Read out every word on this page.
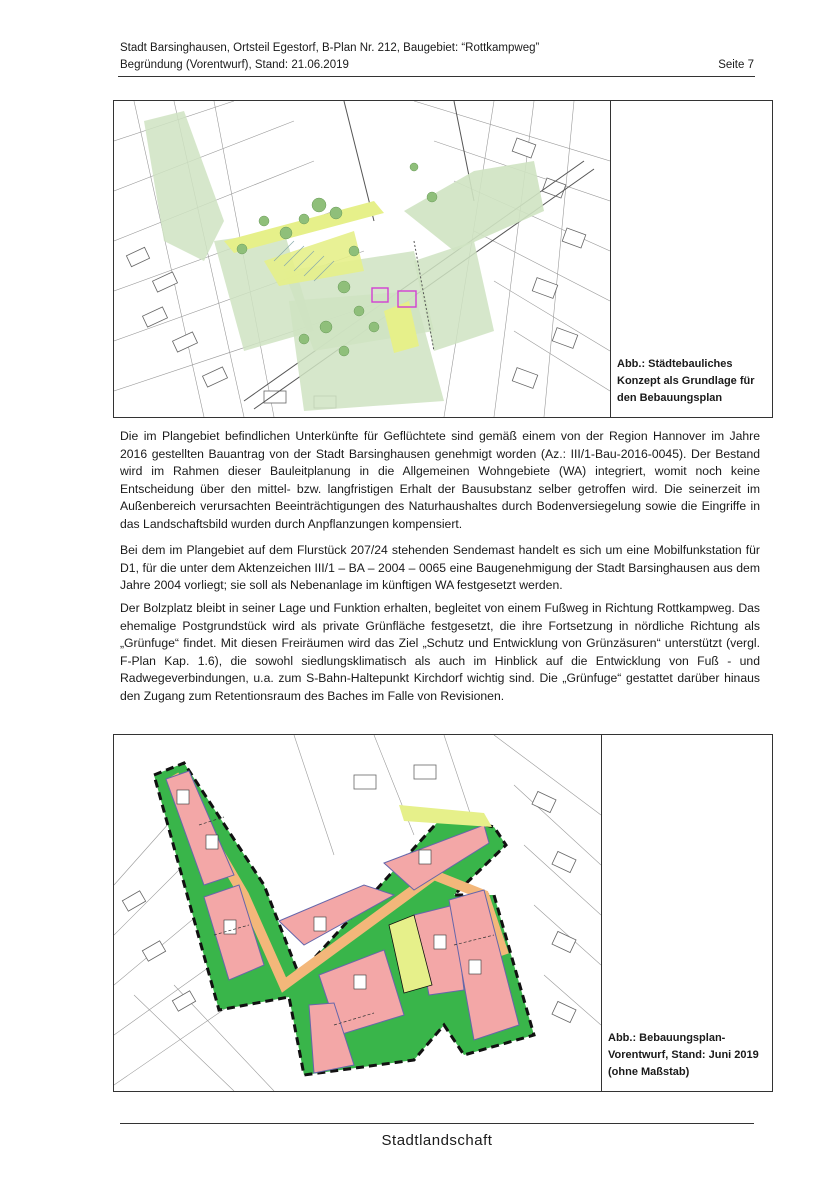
Stadt Barsinghausen, Ortsteil Egestorf, B-Plan Nr. 212, Baugebiet: “Rottkampweg”
Begründung (Vorentwurf), Stand: 21.06.2019	Seite 7
Abb.: Städtebauliches Konzept als Grundlage für den Bebauungsplan

Die im Plangebiet befindlichen Unterkünfte für Geflüchtete sind gemäß einem von der Region Hannover im Jahre 2016 gestellten Bauantrag von der Stadt Barsinghausen genehmigt worden (Az.: III/1-Bau-2016-0045). Der Bestand wird im Rahmen dieser Bauleitplanung in die Allgemeinen Wohngebiete (WA) integriert, womit noch keine Entscheidung über den mittel- bzw. langfristigen Erhalt der Bausubstanz selber getroffen wird. Die seinerzeit im Außenbereich verursachten Beeinträchtigungen des Naturhaushaltes durch Bodenversiegelung sowie die Eingriffe in das Landschaftsbild wurden durch Anpflanzungen kompensiert.

Bei dem im Plangebiet auf dem Flurstück 207/24 stehenden Sendemast handelt es sich um eine Mobilfunkstation für D1, für die unter dem Aktenzeichen III/1 – BA – 2004 – 0065 eine Baugenehmigung der Stadt Barsinghausen aus dem Jahre 2004 vorliegt; sie soll als Nebenanlage im künftigen WA festgesetzt werden.

Der Bolzplatz bleibt in seiner Lage und Funktion erhalten, begleitet von einem Fußweg in Richtung Rottkampweg. Das ehemalige Postgrundstück wird als private Grünfläche festgesetzt, die ihre Fortsetzung in nördliche Richtung als „Grünfuge“ findet. Mit diesen Freiräumen wird das Ziel „Schutz und Entwicklung von Grünzäsuren“ unterstützt (vergl. F-Plan Kap. 1.6), die sowohl siedlungsklimatisch als auch im Hinblick auf die Entwicklung von Fuß - und Radwegeverbindungen, u.a. zum S-Bahn-Haltepunkt Kirchdorf wichtig sind. Die „Grünfuge“ gestattet darüber hinaus den Zugang zum Retentionsraum des Baches im Falle von Revisionen.

Abb.: Bebauungsplan-Vorentwurf, Stand: Juni 2019 (ohne Maßstab)
Stadtlandschaft
